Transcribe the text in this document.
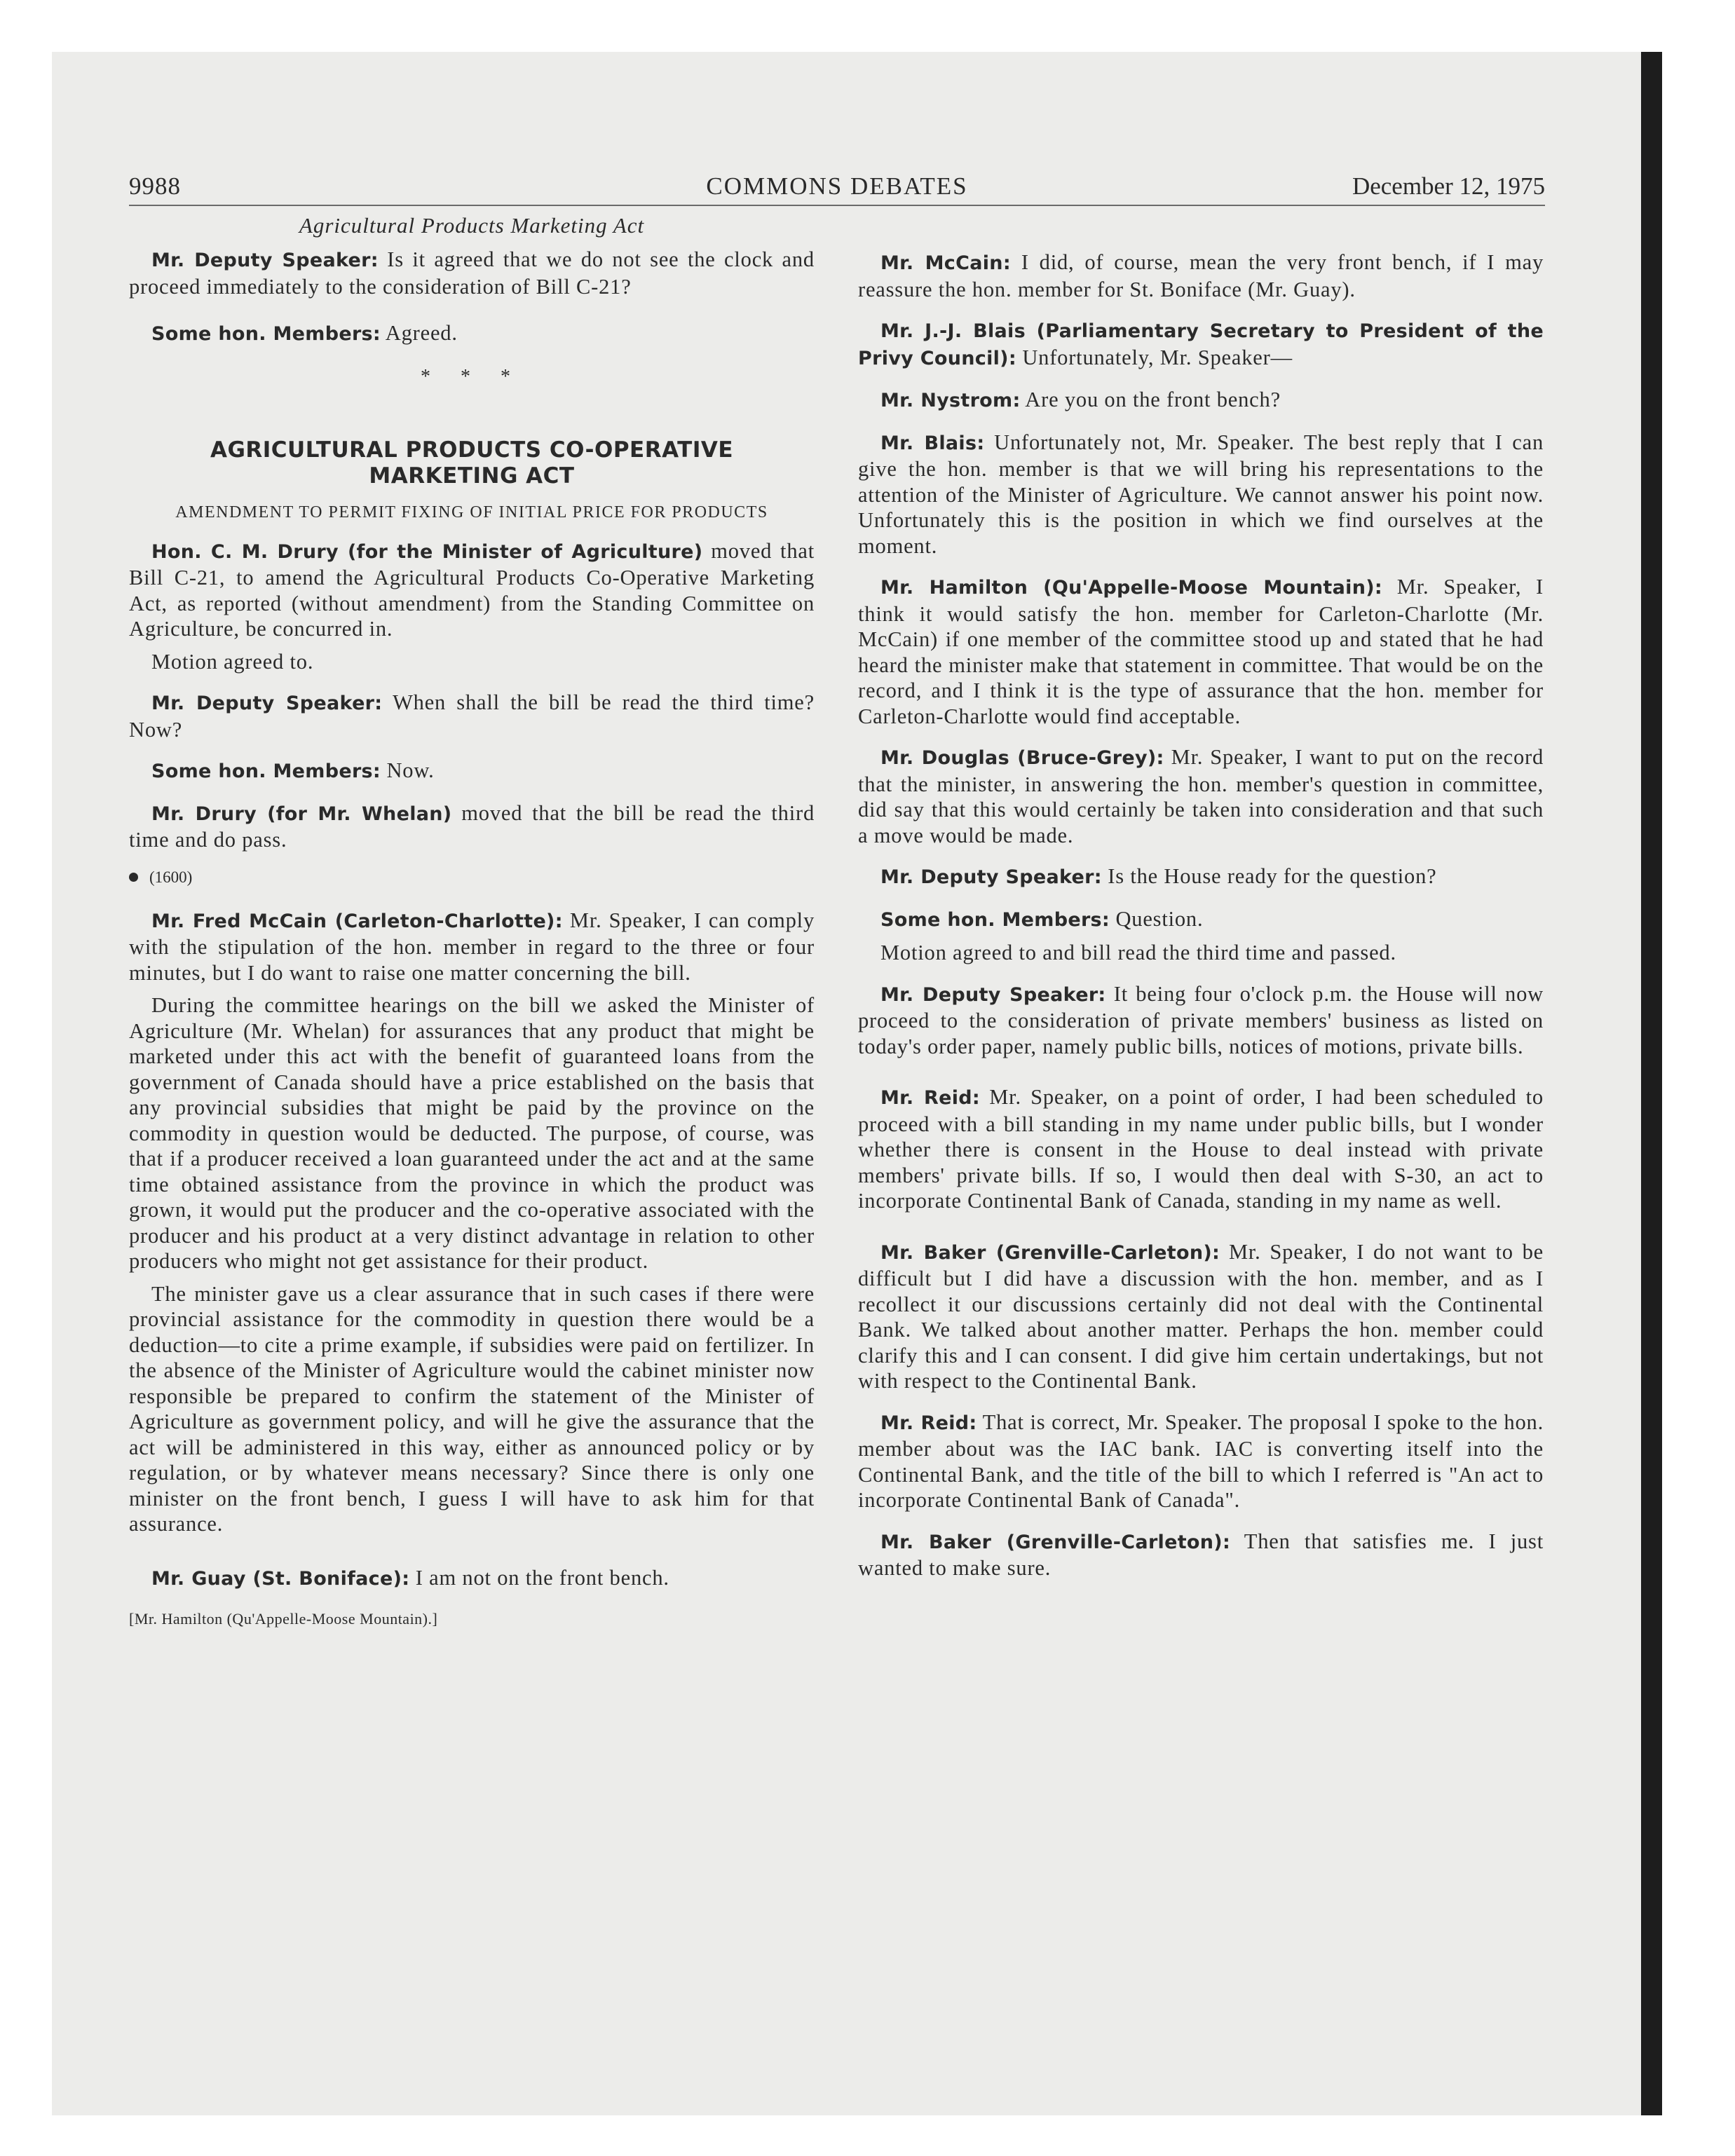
9988	COMMONS DEBATES	December 12, 1975
Agricultural Products Marketing Act

Mr. Deputy Speaker: Is it agreed that we do not see the clock and proceed immediately to the consideration of Bill C-21?

Some hon. Members: Agreed.

* * *
AGRICULTURAL PRODUCTS CO-OPERATIVE MARKETING ACT
AMENDMENT TO PERMIT FIXING OF INITIAL PRICE FOR PRODUCTS

Hon. C. M. Drury (for the Minister of Agriculture) moved that Bill C-21, to amend the Agricultural Products Co-Operative Marketing Act, as reported (without amendment) from the Standing Committee on Agriculture, be concurred in.

Motion agreed to.

Mr. Deputy Speaker: When shall the bill be read the third time? Now?

Some hon. Members: Now.

Mr. Drury (for Mr. Whelan) moved that the bill be read the third time and do pass.

(1600)

Mr. Fred McCain (Carleton-Charlotte): Mr. Speaker, I can comply with the stipulation of the hon. member in regard to the three or four minutes, but I do want to raise one matter concerning the bill.

During the committee hearings on the bill we asked the Minister of Agriculture (Mr. Whelan) for assurances that any product that might be marketed under this act with the benefit of guaranteed loans from the government of Canada should have a price established on the basis that any provincial subsidies that might be paid by the province on the commodity in question would be deducted. The purpose, of course, was that if a producer received a loan guaranteed under the act and at the same time obtained assistance from the province in which the product was grown, it would put the producer and the co-operative associated with the producer and his product at a very distinct advantage in relation to other producers who might not get assistance for their product.

The minister gave us a clear assurance that in such cases if there were provincial assistance for the commodity in question there would be a deduction—to cite a prime example, if subsidies were paid on fertilizer. In the absence of the Minister of Agriculture would the cabinet minister now responsible be prepared to confirm the statement of the Minister of Agriculture as government policy, and will he give the assurance that the act will be administered in this way, either as announced policy or by regulation, or by whatever means necessary? Since there is only one minister on the front bench, I guess I will have to ask him for that assurance.

Mr. Guay (St. Boniface): I am not on the front bench.

[Mr. Hamilton (Qu'Appelle-Moose Mountain).]

Mr. McCain: I did, of course, mean the very front bench, if I may reassure the hon. member for St. Boniface (Mr. Guay).

Mr. J.-J. Blais (Parliamentary Secretary to President of the Privy Council): Unfortunately, Mr. Speaker—

Mr. Nystrom: Are you on the front bench?

Mr. Blais: Unfortunately not, Mr. Speaker. The best reply that I can give the hon. member is that we will bring his representations to the attention of the Minister of Agriculture. We cannot answer his point now. Unfortunately this is the position in which we find ourselves at the moment.

Mr. Hamilton (Qu'Appelle-Moose Mountain): Mr. Speaker, I think it would satisfy the hon. member for Carleton-Charlotte (Mr. McCain) if one member of the committee stood up and stated that he had heard the minister make that statement in committee. That would be on the record, and I think it is the type of assurance that the hon. member for Carleton-Charlotte would find acceptable.

Mr. Douglas (Bruce-Grey): Mr. Speaker, I want to put on the record that the minister, in answering the hon. member's question in committee, did say that this would certainly be taken into consideration and that such a move would be made.

Mr. Deputy Speaker: Is the House ready for the question?

Some hon. Members: Question.

Motion agreed to and bill read the third time and passed.

Mr. Deputy Speaker: It being four o'clock p.m. the House will now proceed to the consideration of private members' business as listed on today's order paper, namely public bills, notices of motions, private bills.

Mr. Reid: Mr. Speaker, on a point of order, I had been scheduled to proceed with a bill standing in my name under public bills, but I wonder whether there is consent in the House to deal instead with private members' private bills. If so, I would then deal with S-30, an act to incorporate Continental Bank of Canada, standing in my name as well.

Mr. Baker (Grenville-Carleton): Mr. Speaker, I do not want to be difficult but I did have a discussion with the hon. member, and as I recollect it our discussions certainly did not deal with the Continental Bank. We talked about another matter. Perhaps the hon. member could clarify this and I can consent. I did give him certain undertakings, but not with respect to the Continental Bank.

Mr. Reid: That is correct, Mr. Speaker. The proposal I spoke to the hon. member about was the IAC bank. IAC is converting itself into the Continental Bank, and the title of the bill to which I referred is "An act to incorporate Continental Bank of Canada".

Mr. Baker (Grenville-Carleton): Then that satisfies me. I just wanted to make sure.
